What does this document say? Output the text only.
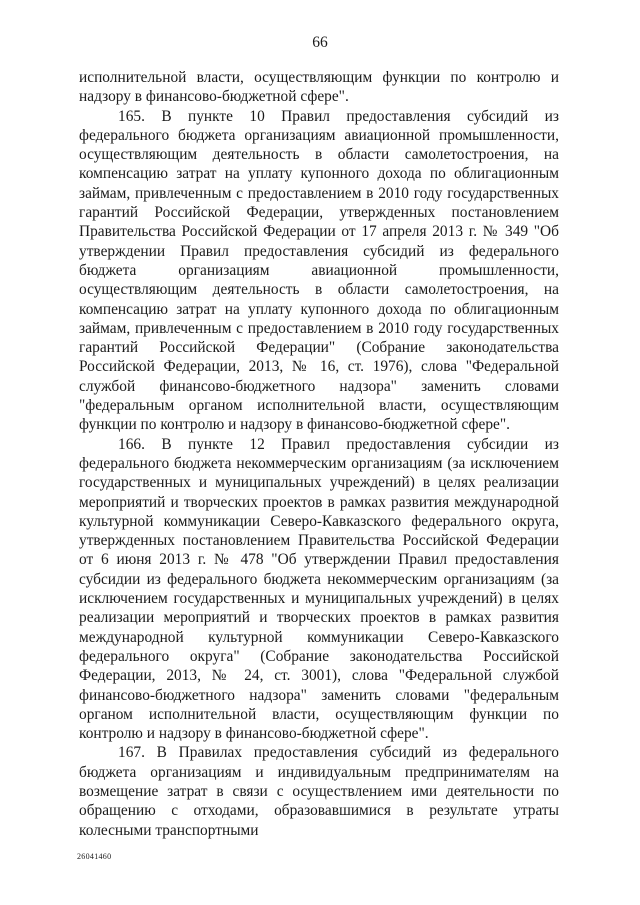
66

исполнительной власти, осуществляющим функции по контролю и надзору в финансово-бюджетной сфере".

165. В пункте 10 Правил предоставления субсидий из федерального бюджета организациям авиационной промышленности, осуществляющим деятельность в области самолетостроения, на компенсацию затрат на уплату купонного дохода по облигационным займам, привлеченным с предоставлением в 2010 году государственных гарантий Российской Федерации, утвержденных постановлением Правительства Российской Федерации от 17 апреля 2013 г. № 349 "Об утверждении Правил предоставления субсидий из федерального бюджета организациям авиационной промышленности, осуществляющим деятельность в области самолетостроения, на компенсацию затрат на уплату купонного дохода по облигационным займам, привлеченным с предоставлением в 2010 году государственных гарантий Российской Федерации" (Собрание законодательства Российской Федерации, 2013, № 16, ст. 1976), слова "Федеральной службой финансово-бюджетного надзора" заменить словами "федеральным органом исполнительной власти, осуществляющим функции по контролю и надзору в финансово-бюджетной сфере".

166. В пункте 12 Правил предоставления субсидии из федерального бюджета некоммерческим организациям (за исключением государственных и муниципальных учреждений) в целях реализации мероприятий и творческих проектов в рамках развития международной культурной коммуникации Северо-Кавказского федерального округа, утвержденных постановлением Правительства Российской Федерации от 6 июня 2013 г. № 478 "Об утверждении Правил предоставления субсидии из федерального бюджета некоммерческим организациям (за исключением государственных и муниципальных учреждений) в целях реализации мероприятий и творческих проектов в рамках развития международной культурной коммуникации Северо-Кавказского федерального округа" (Собрание законодательства Российской Федерации, 2013, № 24, ст. 3001), слова "Федеральной службой финансово-бюджетного надзора" заменить словами "федеральным органом исполнительной власти, осуществляющим функции по контролю и надзору в финансово-бюджетной сфере".

167. В Правилах предоставления субсидий из федерального бюджета организациям и индивидуальным предпринимателям на возмещение затрат в связи с осуществлением ими деятельности по обращению с отходами, образовавшимися в результате утраты колесными транспортными

26041460
